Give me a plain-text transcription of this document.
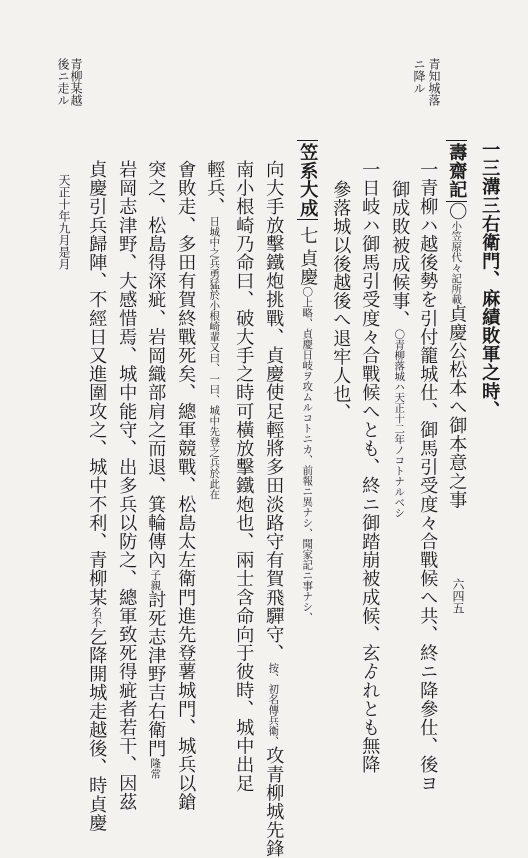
青柳某越
後ニ走ル	青知城落
ニ降ル
一三溝三右衛門、麻績敗軍之時、
壽齋記〇小笠原代々記所載貞慶公松本へ御本意之事
一青柳ハ越後勢を引付籠城仕、御馬引受度々合戰候へ共、終ニ降參仕、後ヨ
御成敗被成候事、〇青柳落城ハ天正十二年ノコトナルベシ
一日岐ハ御馬引受度々合戰候へとも、終ニ御踏崩被成候、玄ゟれとも無降
參落城以後越後へ退牢人也、
笠系大成七貞慶〇上略、貞慶日岐ヲ攻ムルコトニカ、前報ニ異ナシ、聞家記ニ事ナシ、
向大手放擊鐵炮挑戰、貞慶使足輕將多田淡路守有賀飛驒守、按、初名傳兵衛、攻青柳城先鋒
南小根崎乃命曰、破大手之時可橫放擊鐵炮也、兩士含命向于彼時、城中出足
輕兵、日城中之兵勇猛於小根崎輩又曰、一曰、城中先登之兵於此在
㑹敗走、多田有賀終戰死矣、總軍競戰、松島太左衛門進先登薯城門、城兵以鎗
突之、松島得深疵、岩岡織部肩之而退、箕輪傳內子親討死志津野吉右衛門隆常
岩岡志津野、大感惜焉、城中能守、出多兵以防之、總軍致死得疵者若干、因茲
貞慶引兵歸陣、不經日又進圍攻之、城中不利、青柳某名不乞降開城走越後、時貞慶
天正十年九月是月
六四五
